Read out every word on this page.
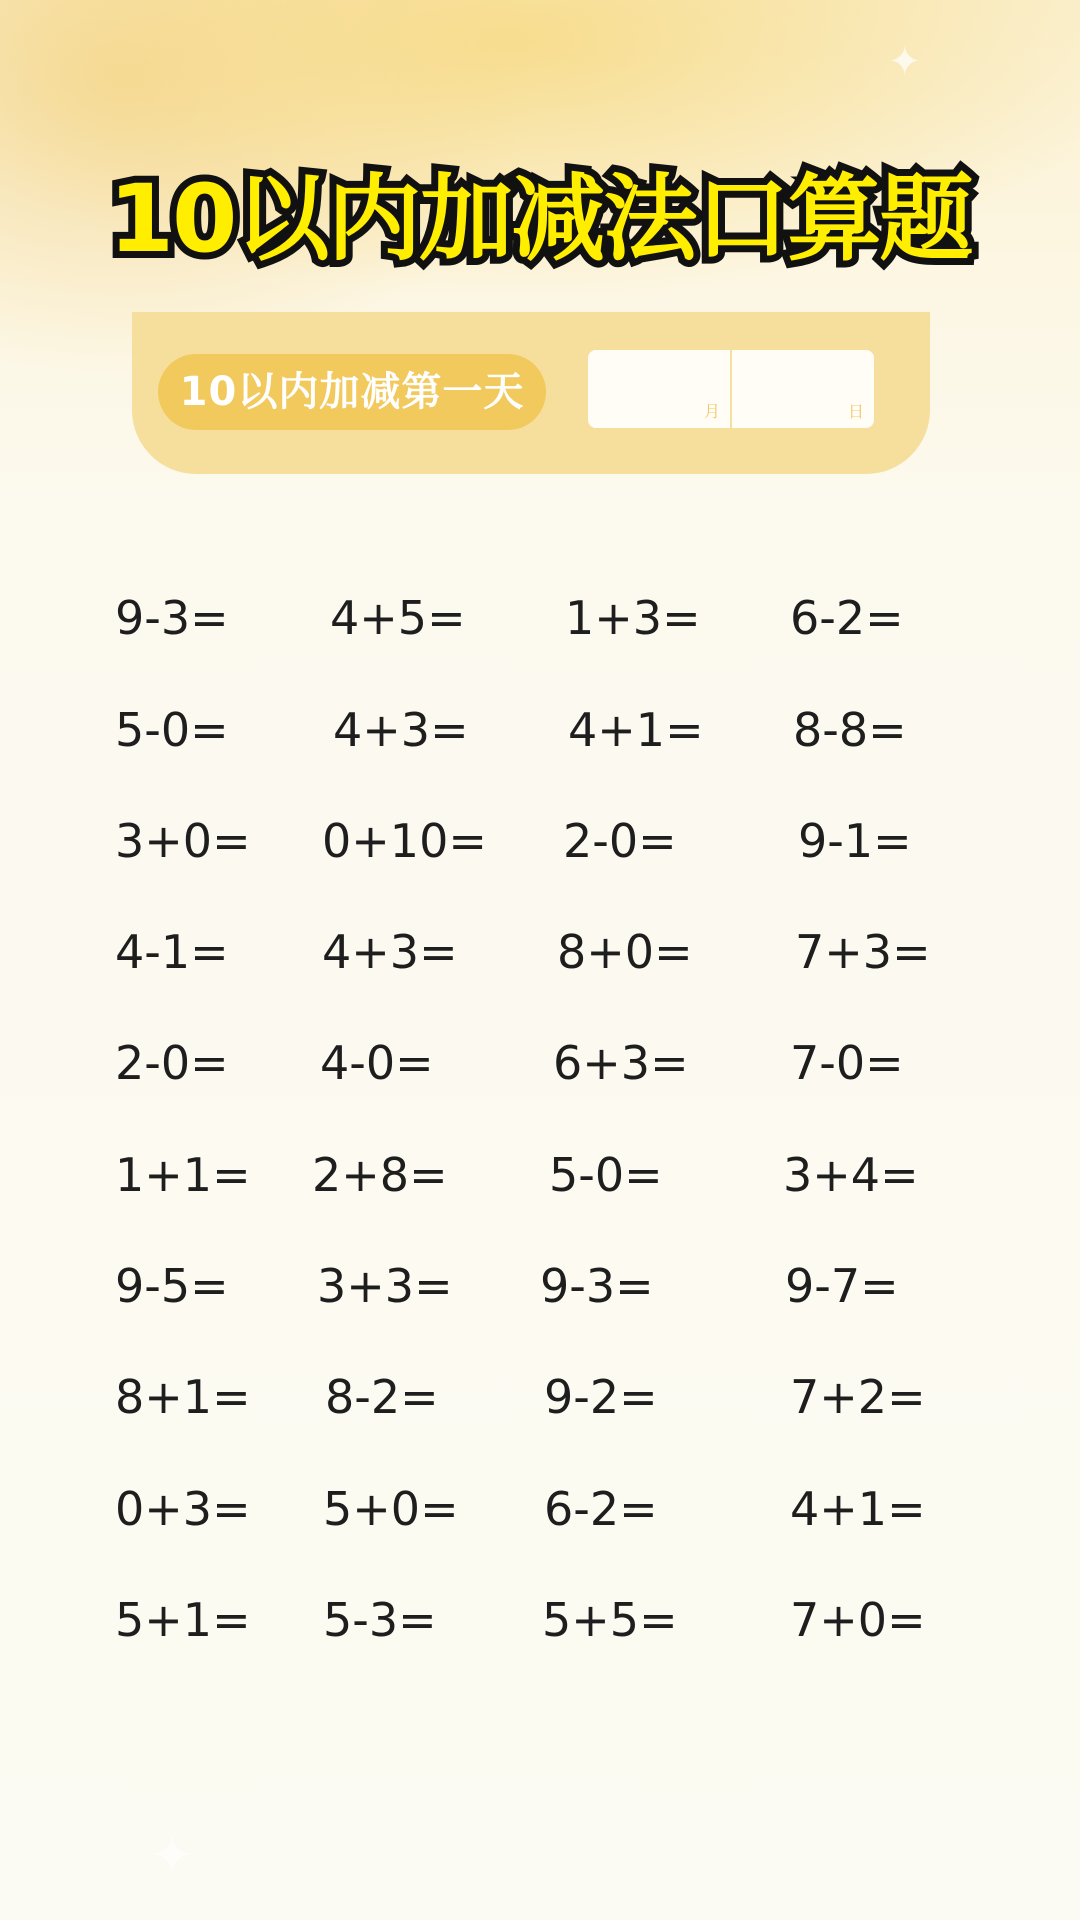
✦
✦
10以内加减法口算题
10以内加减第一天	月	日
9-3= 4+5= 1+3= 6-2=
5-0= 4+3= 4+1= 8-8=
3+0= 0+10= 2-0=	9-1=
4-1= 4+3= 8+0= 7+3=
2-0= 4-0=	6+3= 7-0=
1+1= 2+8= 5-0=	3+4=
9-5= 3+3= 9-3=	9-7=
8+1= 8-2= 9-2=	7+2=
0+3= 5+0= 6-2=	4+1=
5+1= 5-3= 5+5= 7+0=
